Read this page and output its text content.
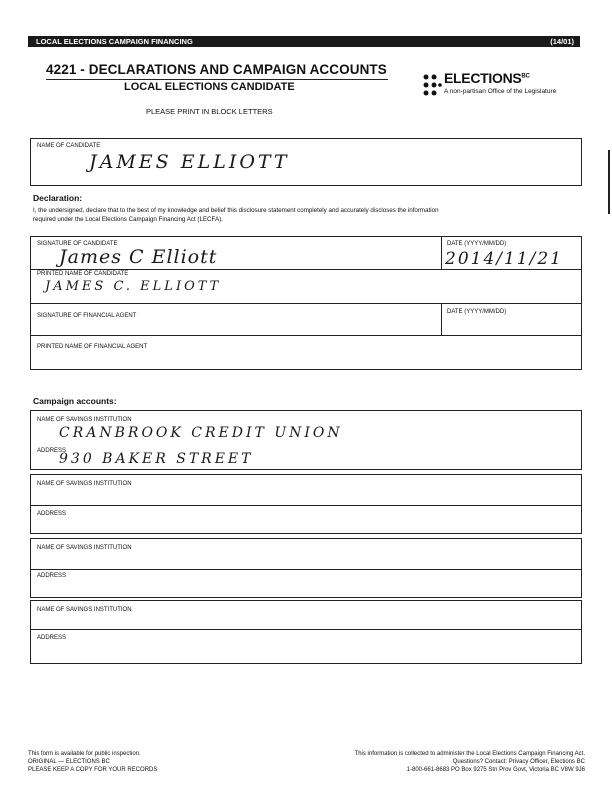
LOCAL ELECTIONS CAMPAIGN FINANCING	(14/01)
4221 - DECLARATIONS AND CAMPAIGN ACCOUNTS
LOCAL ELECTIONS CANDIDATE
PLEASE PRINT IN BLOCK LETTERS
$ELECTIONS^{BC}$
A non-partisan Office of the Legislature
NAME OF CANDIDATE
JAMES ELLIOTT
Declaration:
I, the undersigned, declare that to the best of my knowledge and belief this disclosure statement completely and accurately discloses the information
required under the Local Elections Campaign Financing Act (LECFA).
SIGNATURE OF CANDIDATE
James C Elliott
DATE (YYYY/MM/DD)
2014/11/21
PRINTED NAME OF CANDIDATE
JAMES C. ELLIOTT
SIGNATURE OF FINANCIAL AGENT
DATE (YYYY/MM/DD)
PRINTED NAME OF FINANCIAL AGENT
Campaign accounts:
NAME OF SAVINGS INSTITUTION
CRANBROOK CREDIT UNION
ADDRESS
930 BAKER STREET
NAME OF SAVINGS INSTITUTION
ADDRESS
NAME OF SAVINGS INSTITUTION
ADDRESS
NAME OF SAVINGS INSTITUTION
ADDRESS
This form is available for public inspection.
ORIGINAL — ELECTIONS BC
PLEASE KEEP A COPY FOR YOUR RECORDS
This information is collected to administer the Local Elections Campaign Financing Act.
Questions? Contact: Privacy Officer, Elections BC
1-800-661-8683 PO Box 9275 Stn Prov Govt, Victoria BC V8W 9J6
